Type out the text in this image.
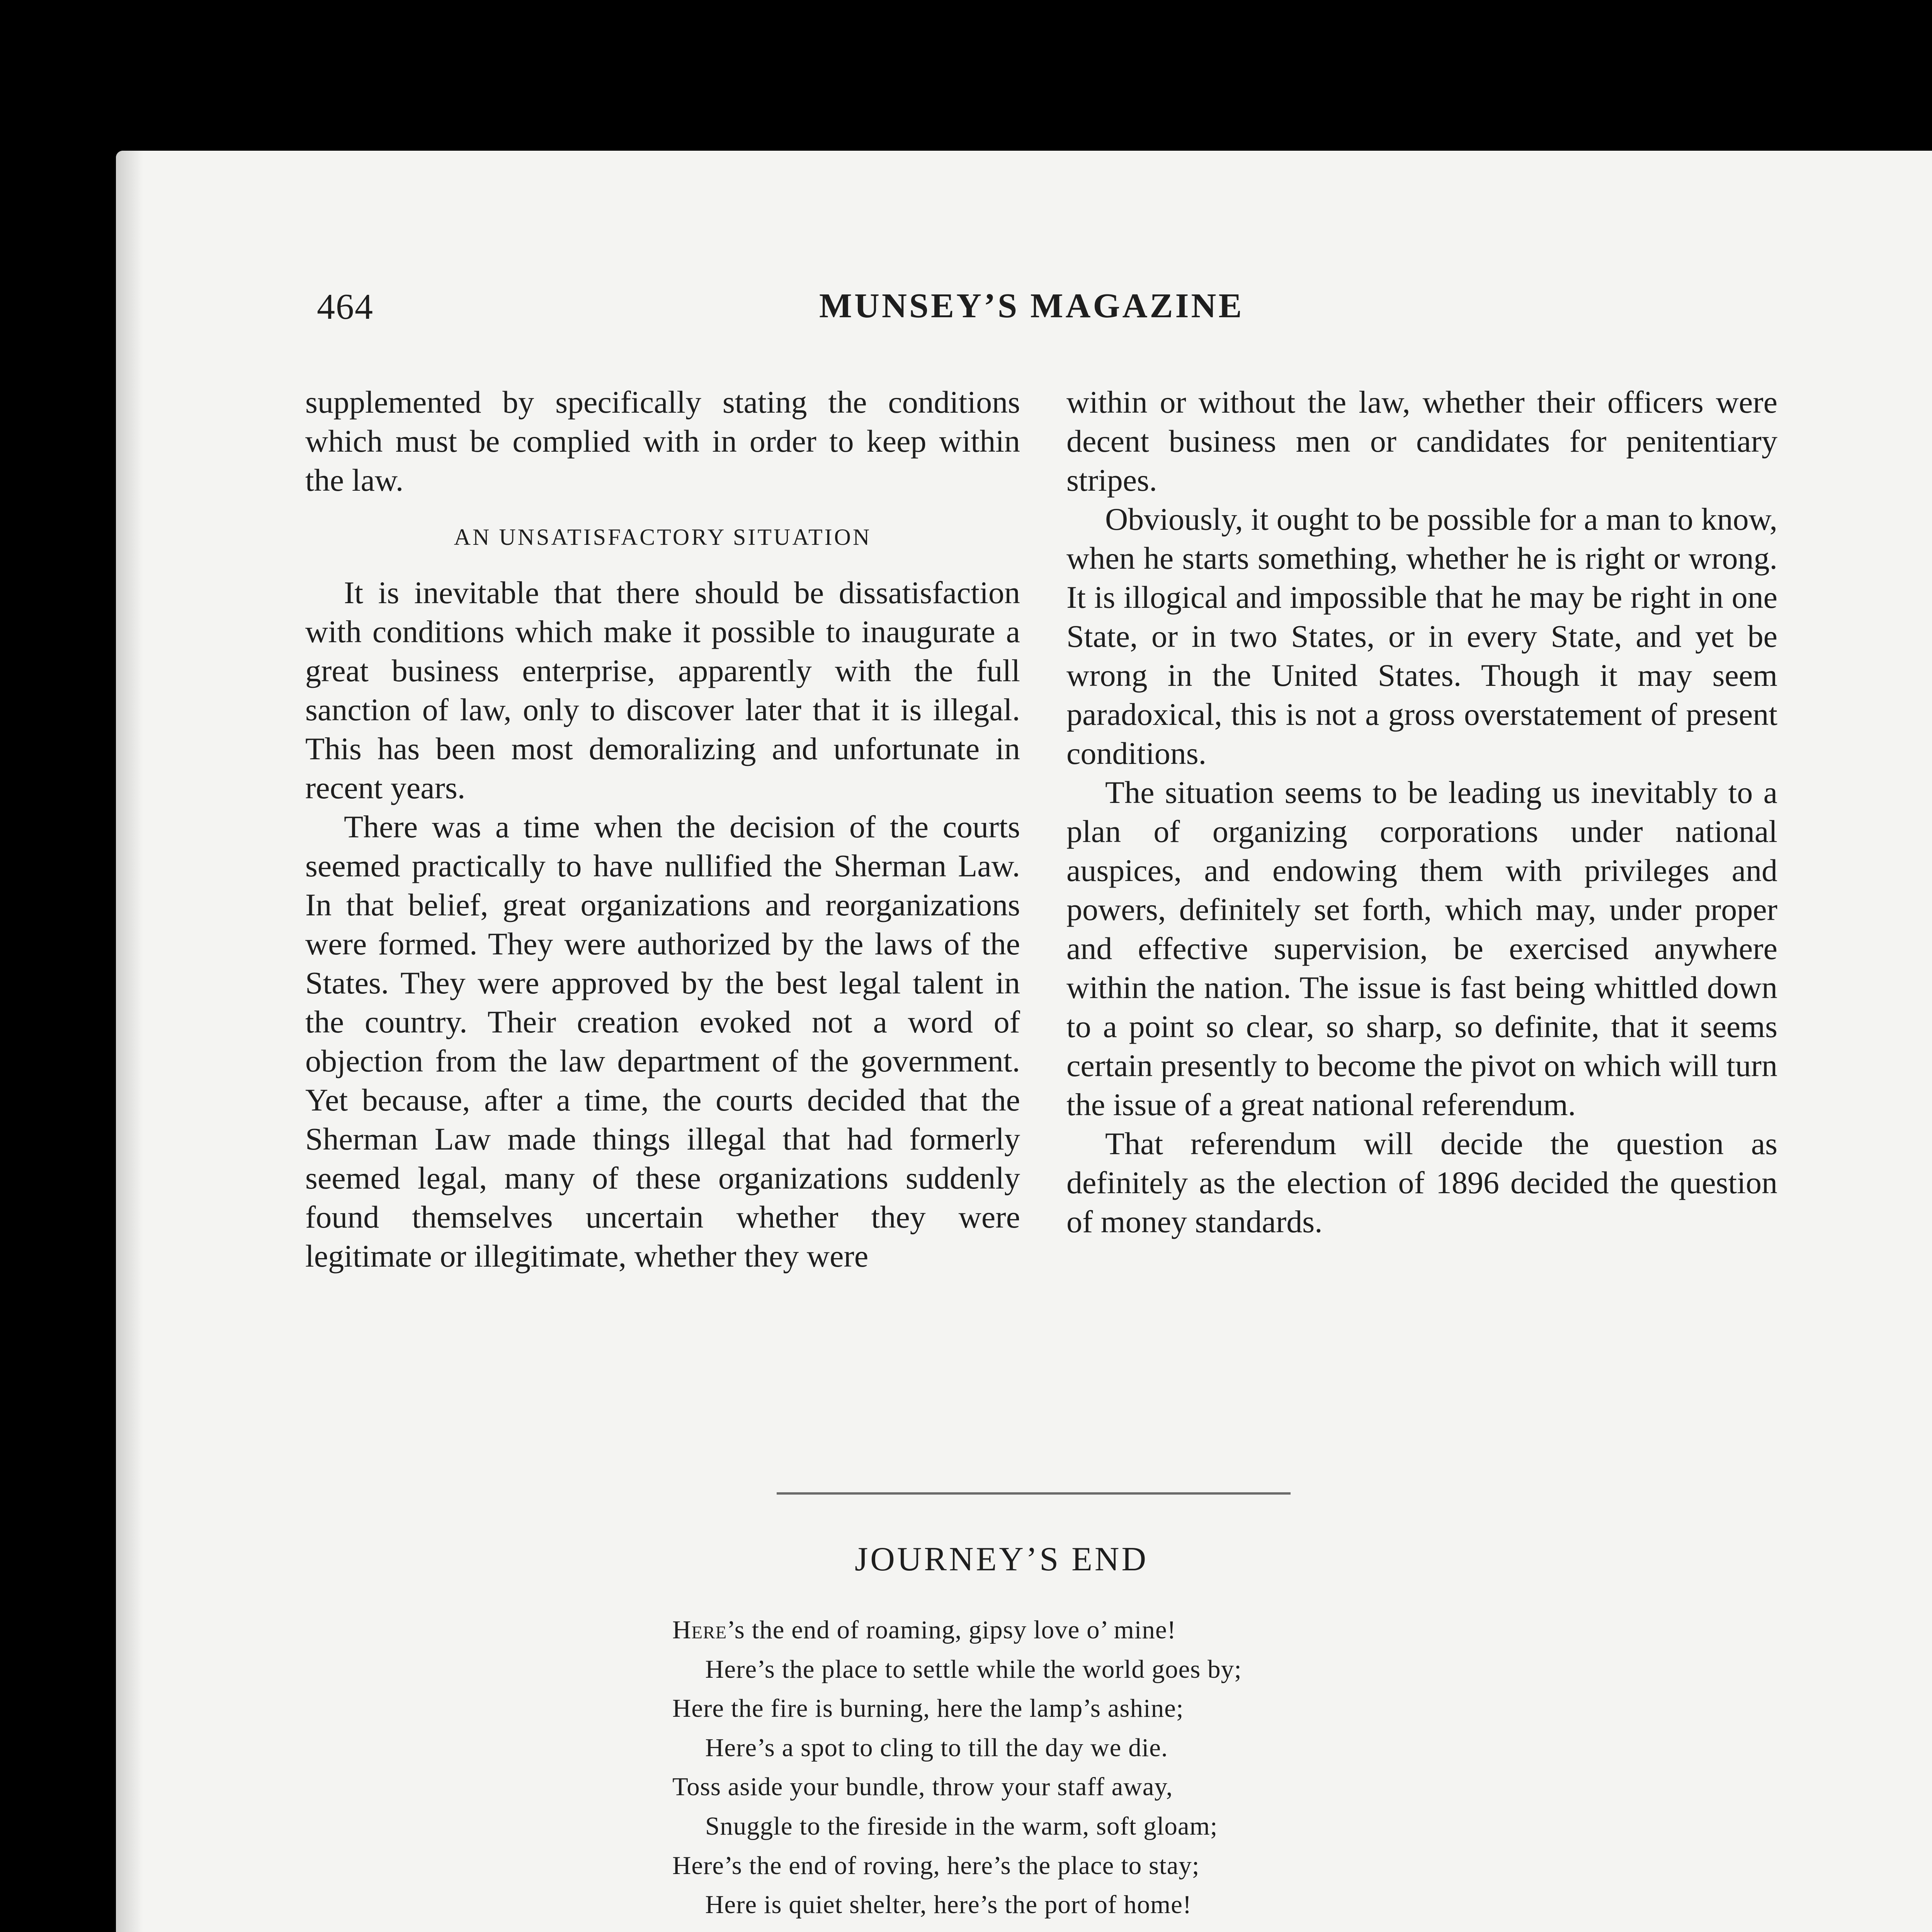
464	MUNSEY’S MAGAZINE

supplemented by specifically stating the conditions which must be complied with in order to keep within the law.

AN UNSATISFACTORY SITUATION

It is inevitable that there should be dissatisfaction with conditions which make it possible to inaugurate a great business enterprise, apparently with the full sanction of law, only to discover later that it is illegal. This has been most demoralizing and unfortunate in recent years.

There was a time when the decision of the courts seemed practically to have nullified the Sherman Law. In that belief, great organizations and reorganizations were formed. They were authorized by the laws of the States. They were approved by the best legal talent in the country. Their creation evoked not a word of objection from the law department of the government. Yet because, after a time, the courts decided that the Sherman Law made things illegal that had formerly seemed legal, many of these organizations suddenly found themselves uncertain whether they were legitimate or illegitimate, whether they were

within or without the law, whether their officers were decent business men or candidates for penitentiary stripes.

Obviously, it ought to be possible for a man to know, when he starts something, whether he is right or wrong. It is illogical and impossible that he may be right in one State, or in two States, or in every State, and yet be wrong in the United States. Though it may seem paradoxical, this is not a gross overstatement of present conditions.

The situation seems to be leading us inevitably to a plan of organizing corporations under national auspices, and endowing them with privileges and powers, definitely set forth, which may, under proper and effective supervision, be exercised anywhere within the nation. The issue is fast being whittled down to a point so clear, so sharp, so definite, that it seems certain presently to become the pivot on which will turn the issue of a great national referendum.

That referendum will decide the question as definitely as the election of 1896 decided the question of money standards.

JOURNEY’S END
Here’s the end of roaming, gipsy love o’ mine!
Here’s the place to settle while the world goes by;
Here the fire is burning, here the lamp’s ashine;
Here’s a spot to cling to till the day we die.
Toss aside your bundle, throw your staff away,
Snuggle to the fireside in the warm, soft gloam;
Here’s the end of roving, here’s the place to stay;
Here is quiet shelter, here’s the port of home!
